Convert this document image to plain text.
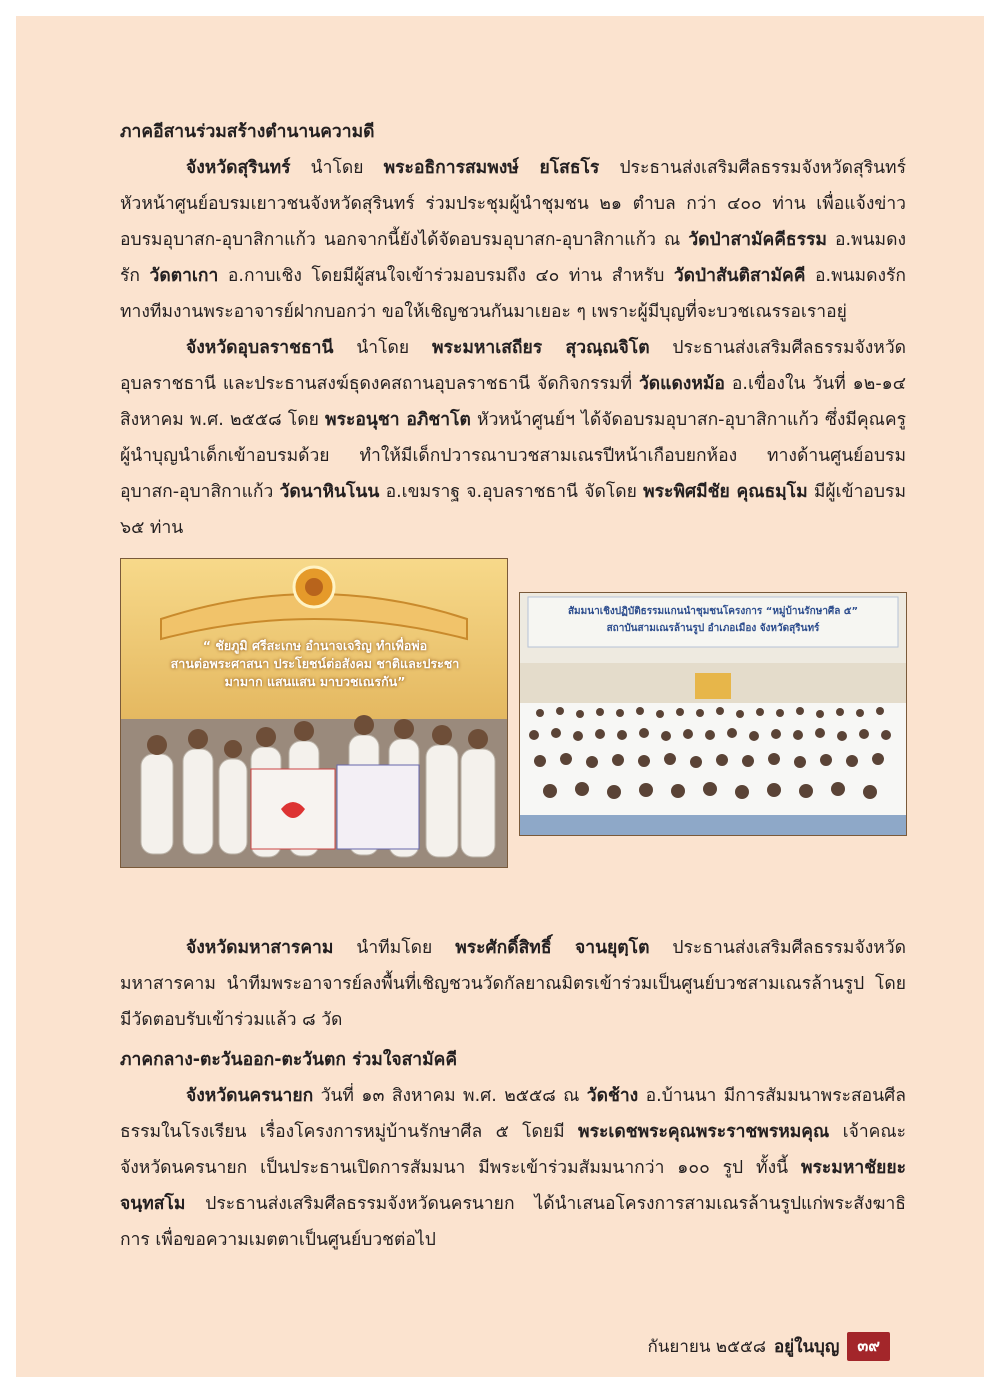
ภาคอีสานร่วมสร้างตำนานความดี

จังหวัดสุรินทร์ นำโดย พระอธิการสมพงษ์ ยโสธโร ประธานส่งเสริมศีลธรรมจังหวัดสุรินทร์ หัวหน้าศูนย์อบรมเยาวชนจังหวัดสุรินทร์ ร่วมประชุมผู้นำชุมชน ๒๑ ตำบล กว่า ๔๐๐ ท่าน เพื่อแจ้งข่าวอบรมอุบาสก-อุบาสิกาแก้ว นอกจากนี้ยังได้จัดอบรมอุบาสก-อุบาสิกาแก้ว ณ วัดป่าสามัคคีธรรม อ.พนมดงรัก วัดตาเกา อ.กาบเชิง โดยมีผู้สนใจเข้าร่วมอบรมถึง ๔๐ ท่าน สำหรับ วัดป่าสันติสามัคคี อ.พนมดงรัก ทางทีมงานพระอาจารย์ฝากบอกว่า ขอให้เชิญชวนกันมาเยอะ ๆ เพราะผู้มีบุญที่จะบวชเณรรอเราอยู่

จังหวัดอุบลราชธานี นำโดย พระมหาเสถียร สุวณฺณจิโต ประธานส่งเสริมศีลธรรมจังหวัดอุบลราชธานี และประธานสงฆ์ธุดงคสถานอุบลราชธานี จัดกิจกรรมที่ วัดแดงหม้อ อ.เขื่องใน วันที่ ๑๒-๑๔ สิงหาคม พ.ศ. ๒๕๕๘ โดย พระอนุชา อภิชาโต หัวหน้าศูนย์ฯ ได้จัดอบรมอุบาสก-อุบาสิกาแก้ว ซึ่งมีคุณครูผู้นำบุญนำเด็กเข้าอบรมด้วย ทำให้มีเด็กปวารณาบวชสามเณรปีหน้าเกือบยกห้อง ทางด้านศูนย์อบรมอุบาสก-อุบาสิกาแก้ว วัดนาหินโนน อ.เขมราฐ จ.อุบลราชธานี จัดโดย พระพิศมีชัย คุณธมฺโม มีผู้เข้าอบรม ๖๕ ท่าน

“ ชัยภูมิ ศรีสะเกษ อำนาจเจริญ ทำเพื่อพ่อ
สานต่อพระศาสนา ประโยชน์ต่อสังคม ชาติและประชา
มามาก แสนแสน มาบวชเณรกัน”
สัมมนาเชิงปฏิบัติธรรมแกนนำชุมชนโครงการ “หมู่บ้านรักษาศีล ๕”
สถาบันสามเณรล้านรูป อำเภอเมือง จังหวัดสุรินทร์

จังหวัดมหาสารคาม นำทีมโดย พระศักดิ์สิทธิ์ จานยุตฺโต ประธานส่งเสริมศีลธรรมจังหวัดมหาสารคาม นำทีมพระอาจารย์ลงพื้นที่เชิญชวนวัดกัลยาณมิตรเข้าร่วมเป็นศูนย์บวชสามเณรล้านรูป โดยมีวัดตอบรับเข้าร่วมแล้ว ๘ วัด

ภาคกลาง-ตะวันออก-ตะวันตก ร่วมใจสามัคคี

จังหวัดนครนายก วันที่ ๑๓ สิงหาคม พ.ศ. ๒๕๕๘ ณ วัดช้าง อ.บ้านนา มีการสัมมนาพระสอนศีลธรรมในโรงเรียน เรื่องโครงการหมู่บ้านรักษาศีล ๕ โดยมี พระเดชพระคุณพระราชพรหมคุณ เจ้าคณะจังหวัดนครนายก เป็นประธานเปิดการสัมมนา มีพระเข้าร่วมสัมมนากว่า ๑๐๐ รูป ทั้งนี้ พระมหาชัยยะ จนฺทสโม ประธานส่งเสริมศีลธรรมจังหวัดนครนายก ได้นำเสนอโครงการสามเณรล้านรูปแก่พระสังฆาธิการ เพื่อขอความเมตตาเป็นศูนย์บวชต่อไป

กันยายน ๒๕๕๘ อยู่ในบุญ	๓๙
